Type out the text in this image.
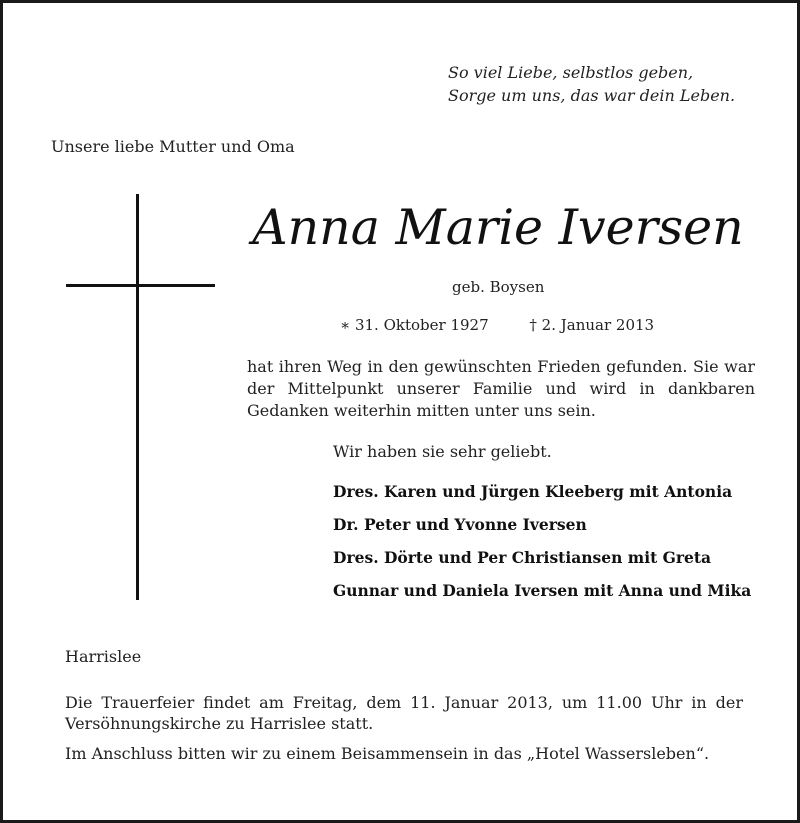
So viel Liebe, selbstlos geben,
Sorge um uns, das war dein Leben.
Unsere liebe Mutter und Oma
Anna Marie Iversen
geb. Boysen
∗ 31. Oktober 1927	† 2. Januar 2013
hat ihren Weg in den gewünschten Frieden gefunden. Sie war der Mittelpunkt unserer Familie und wird in dankbaren Gedanken weiterhin mitten unter uns sein.
Wir haben sie sehr geliebt.
Dres. Karen und Jürgen Kleeberg mit Antonia
Dr. Peter und Yvonne Iversen
Dres. Dörte und Per Christiansen mit Greta
Gunnar und Daniela Iversen mit Anna und Mika
Harrislee
Die Trauerfeier findet am Freitag, dem 11. Januar 2013, um 11.00 Uhr in der Versöhnungskirche zu Harrislee statt.
Im Anschluss bitten wir zu einem Beisammensein in das „Hotel Wassersleben“.
